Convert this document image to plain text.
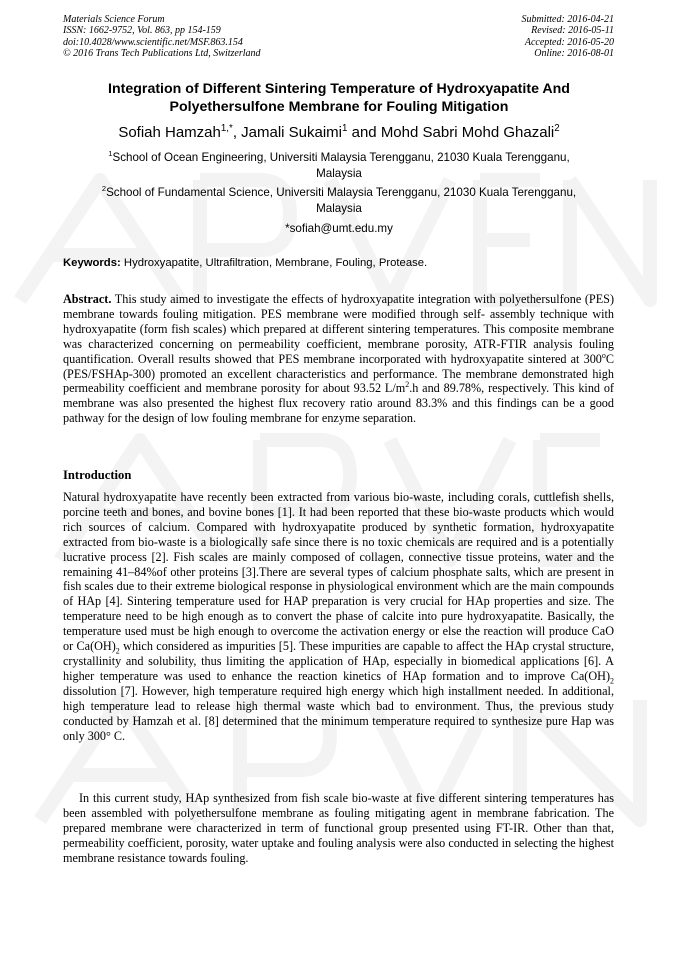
Materials Science Forum
ISSN: 1662-9752, Vol. 863, pp 154-159
doi:10.4028/www.scientific.net/MSF.863.154
© 2016 Trans Tech Publications Ltd, Switzerland
Submitted: 2016-04-21
Revised: 2016-05-11
Accepted: 2016-05-20
Online: 2016-08-01
Integration of Different Sintering Temperature of Hydroxyapatite And
Polyethersulfone Membrane for Fouling Mitigation
Sofiah Hamzah$^{1,*}$, Jamali Sukaimi$^1$ and Mohd Sabri Mohd Ghazali$^2$
$^1$School of Ocean Engineering, Universiti Malaysia Terengganu, 21030 Kuala Terengganu,
Malaysia
$^2$School of Fundamental Science, Universiti Malaysia Terengganu, 21030 Kuala Terengganu,
Malaysia
*sofiah@umt.edu.my
Keywords: Hydroxyapatite, Ultrafiltration, Membrane, Fouling, Protease.

Abstract. This study aimed to investigate the effects of hydroxyapatite integration with polyethersulfone (PES) membrane towards fouling mitigation. PES membrane were modified through self- assembly technique with hydroxyapatite (form fish scales) which prepared at different sintering temperatures. This composite membrane was characterized concerning on permeability coefficient, membrane porosity, ATR-FTIR analysis fouling quantification. Overall results showed that PES membrane incorporated with hydroxyapatite sintered at 300$^o$C (PES/FSHAp-300) promoted an excellent characteristics and performance. The membrane demonstrated high permeability coefficient and membrane porosity for about 93.52 $L/m^2.h$ and 89.78%, respectively. This kind of membrane was also presented the highest flux recovery ratio around 83.3% and this findings can be a good pathway for the design of low fouling membrane for enzyme separation.

Introduction

Natural hydroxyapatite have recently been extracted from various bio-waste, including corals, cuttlefish shells, porcine teeth and bones, and bovine bones [1]. It had been reported that these bio-waste products which would rich sources of calcium. Compared with hydroxyapatite produced by synthetic formation, hydroxyapatite extracted from bio-waste is a biologically safe since there is no toxic chemicals are required and is a potentially lucrative process [2]. Fish scales are mainly composed of collagen, connective tissue proteins, water and the remaining 41–84%of other proteins [3].There are several types of calcium phosphate salts, which are present in fish scales due to their extreme biological response in physiological environment which are the main compounds of HAp [4]. Sintering temperature used for HAP preparation is very crucial for HAp properties and size. The temperature need to be high enough as to convert the phase of calcite into pure hydroxyapatite. Basically, the temperature used must be high enough to overcome the activation energy or else the reaction will produce CaO or $Ca(OH)_2$ which considered as impurities [5]. These impurities are capable to affect the HAp crystal structure, crystallinity and solubility, thus limiting the application of HAp, especially in biomedical applications [6]. A higher temperature was used to enhance the reaction kinetics of HAp formation and to improve $Ca(OH)_2$ dissolution [7]. However, high temperature required high energy which high installment needed. In additional, high temperature lead to release high thermal waste which bad to environment. Thus, the previous study conducted by Hamzah et al. [8] determined that the minimum temperature required to synthesize pure Hap was only 300° C.

In this current study, HAp synthesized from fish scale bio-waste at five different sintering temperatures has been assembled with polyethersulfone membrane as fouling mitigating agent in membrane fabrication. The prepared membrane were characterized in term of functional group presented using FT-IR. Other than that, permeability coefficient, porosity, water uptake and fouling analysis were also conducted in selecting the highest membrane resistance towards fouling.
